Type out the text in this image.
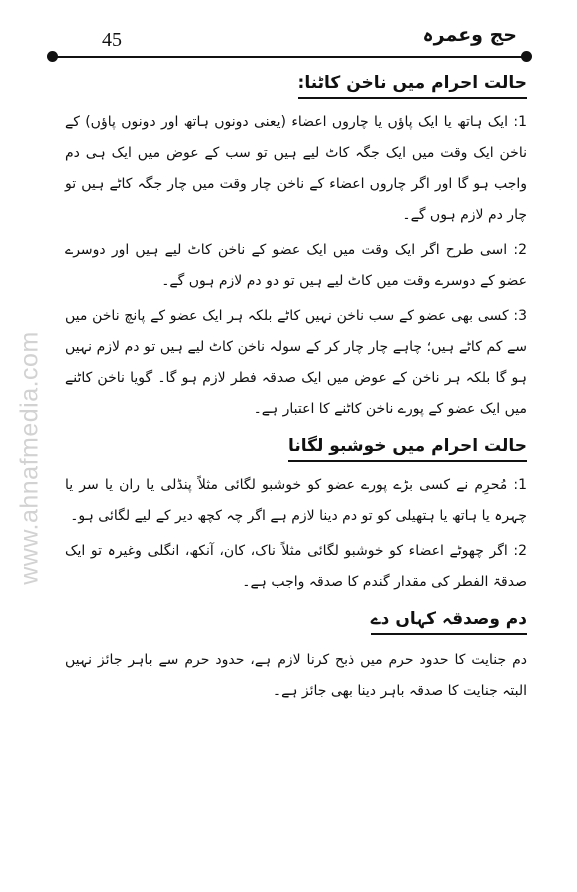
45	حج وعمرہ
www.ahnafmedia.com
حالت احرام میں ناخن کاٹنا:

1: ایک ہاتھ یا ایک پاؤں یا چاروں اعضاء (یعنی دونوں ہاتھ اور دونوں پاؤں) کے ناخن ایک وقت میں ایک جگہ کاٹ لیے ہیں تو سب کے عوض میں ایک ہی دم واجب ہو گا اور اگر چاروں اعضاء کے ناخن چار وقت میں چار جگہ کاٹے ہیں تو چار دم لازم ہوں گے۔

2: اسی طرح اگر ایک وقت میں ایک عضو کے ناخن کاٹ لیے ہیں اور دوسرے عضو کے دوسرے وقت میں کاٹ لیے ہیں تو دو دم لازم ہوں گے۔

3: کسی بھی عضو کے سب ناخن نہیں کاٹے بلکہ ہر ایک عضو کے پانچ ناخن میں سے کم کاٹے ہیں؛ چاہے چار چار کر کے سولہ ناخن کاٹ لیے ہیں تو دم لازم نہیں ہو گا بلکہ ہر ناخن کے عوض میں ایک صدقہ فطر لازم ہو گا۔ گویا ناخن کاٹنے میں ایک عضو کے پورے ناخن کاٹنے کا اعتبار ہے۔

حالت احرام میں خوشبو لگانا

1: مُحرِم نے کسی بڑے پورے عضو کو خوشبو لگائی مثلاً پنڈلی یا ران یا سر یا چہرہ یا ہاتھ یا ہتھیلی کو تو دم دینا لازم ہے اگر چہ کچھ دیر کے لیے لگائی ہو۔

2: اگر چھوٹے اعضاء کو خوشبو لگائی مثلاً ناک، کان، آنکھ، انگلی وغیرہ تو ایک صدقۃ الفطر کی مقدار گندم کا صدقہ واجب ہے۔

دم وصدقہ کہاں دے

دم جنایت کا حدود حرم میں ذبح کرنا لازم ہے، حدود حرم سے باہر جائز نہیں البتہ جنایت کا صدقہ باہر دینا بھی جائز ہے۔
